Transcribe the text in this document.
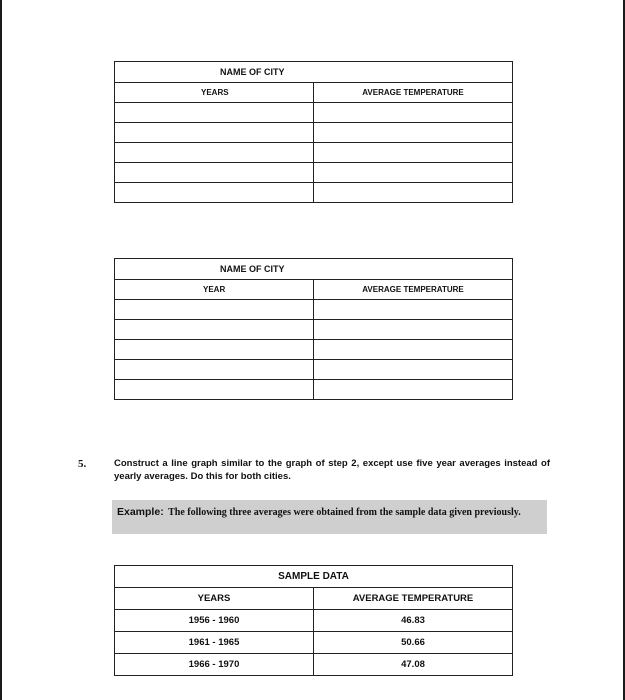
NAME OF CITY	
YEARS	AVERAGE TEMPERATURE

NAME OF CITY	
YEAR	AVERAGE TEMPERATURE

5.	Construct a line graph similar to the graph of step 2, except use five year averages instead of yearly averages. Do this for both cities.

Example: The following three averages were obtained from the sample data given previously.

SAMPLE DATA	
YEARS	AVERAGE TEMPERATURE
1956 - 1960	46.83
1961 - 1965	50.66
1966 - 1970	47.08
